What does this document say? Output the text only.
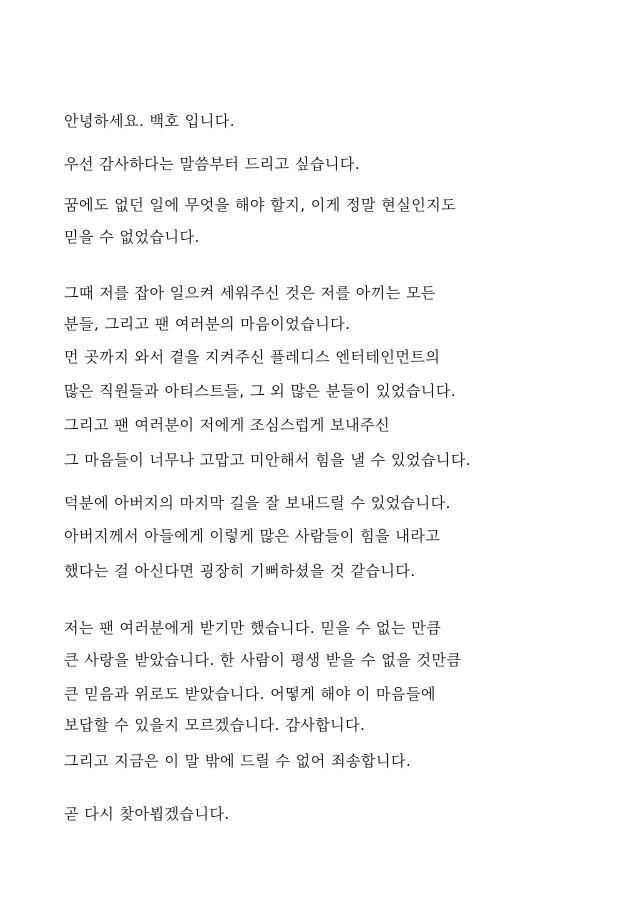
안녕하세요. 백호 입니다.
우선 감사하다는 말씀부터 드리고 싶습니다.
꿈에도 없던 일에 무엇을 해야 할지, 이게 정말 현실인지도
믿을 수 없었습니다.
그때 저를 잡아 일으켜 세워주신 것은 저를 아끼는 모든
분들, 그리고 팬 여러분의 마음이었습니다.
먼 곳까지 와서 곁을 지켜주신 플레디스 엔터테인먼트의
많은 직원들과 아티스트들, 그 외 많은 분들이 있었습니다.
그리고 팬 여러분이 저에게 조심스럽게 보내주신
그 마음들이 너무나 고맙고 미안해서 힘을 낼 수 있었습니다.
덕분에 아버지의 마지막 길을 잘 보내드릴 수 있었습니다.
아버지께서 아들에게 이렇게 많은 사람들이 힘을 내라고
했다는 걸 아신다면 굉장히 기뻐하셨을 것 같습니다.
저는 팬 여러분에게 받기만 했습니다. 믿을 수 없는 만큼
큰 사랑을 받았습니다. 한 사람이 평생 받을 수 없을 것만큼
큰 믿음과 위로도 받았습니다. 어떻게 해야 이 마음들에
보답할 수 있을지 모르겠습니다. 감사합니다.
그리고 지금은 이 말 밖에 드릴 수 없어 죄송합니다.
곧 다시 찾아뵙겠습니다.
